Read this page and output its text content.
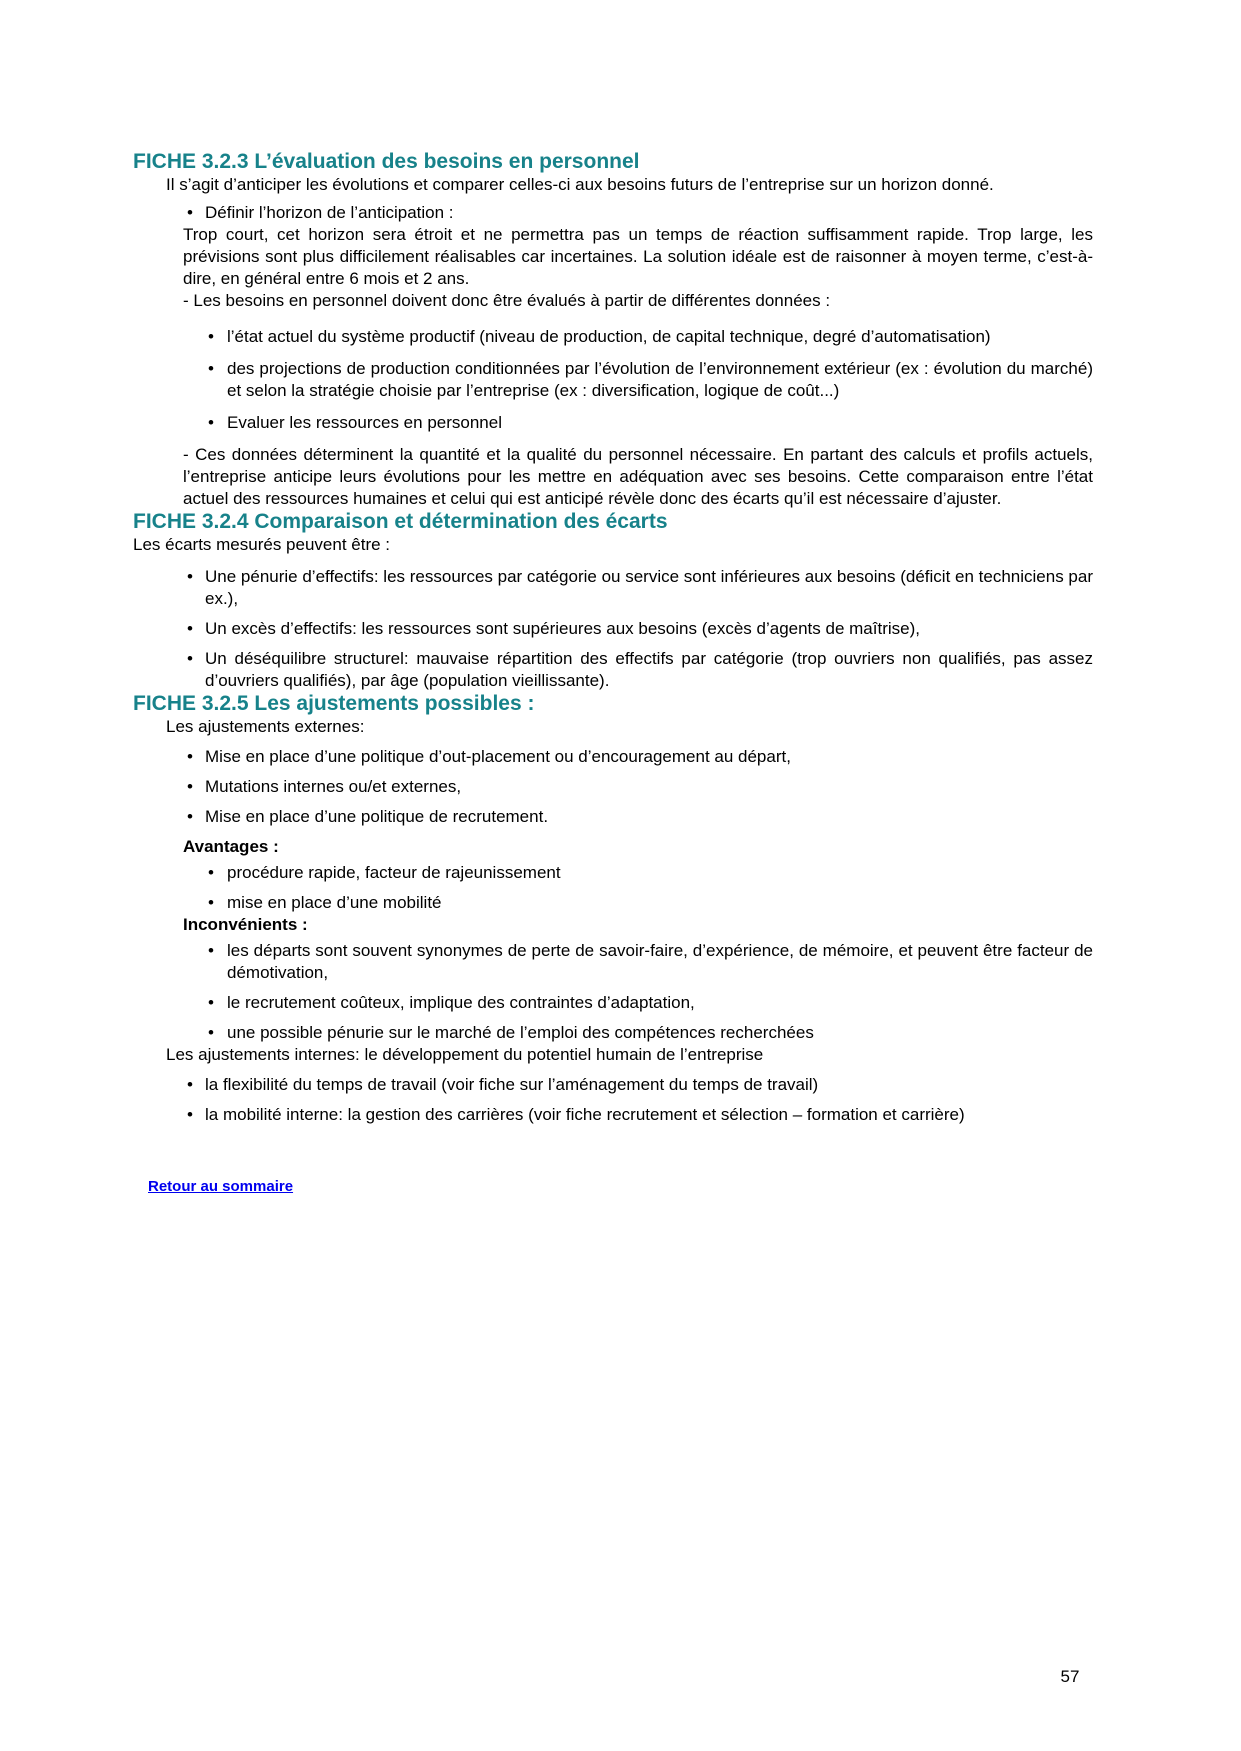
FICHE 3.2.3 L’évaluation des besoins en personnel

Il s’agit d’anticiper les évolutions et comparer celles-ci aux besoins futurs de l’entreprise sur un horizon donné.

• Définir l’horizon de l’anticipation :

Trop court, cet horizon sera étroit et ne permettra pas un temps de réaction suffisamment rapide. Trop large, les prévisions sont plus difficilement réalisables car incertaines. La solution idéale est de raisonner à moyen terme, c’est-à-dire, en général entre 6 mois et 2 ans.

- Les besoins en personnel doivent donc être évalués à partir de différentes données :

• l’état actuel du système productif (niveau de production, de capital technique, degré d’automatisation)
• des projections de production conditionnées par l’évolution de l’environnement extérieur (ex : évolution du marché) et selon la stratégie choisie par l’entreprise (ex : diversification, logique de coût...)
• Evaluer les ressources en personnel

- Ces données déterminent la quantité et la qualité du personnel nécessaire. En partant des calculs et profils actuels, l’entreprise anticipe leurs évolutions pour les mettre en adéquation avec ses besoins. Cette comparaison entre l’état actuel des ressources humaines et celui qui est anticipé révèle donc des écarts qu’il est nécessaire d’ajuster.

FICHE 3.2.4 Comparaison et détermination des écarts

Les écarts mesurés peuvent être :

• Une pénurie d’effectifs: les ressources par catégorie ou service sont inférieures aux besoins (déficit en techniciens par ex.),
• Un excès d’effectifs: les ressources sont supérieures aux besoins (excès d’agents de maîtrise),
• Un déséquilibre structurel: mauvaise répartition des effectifs par catégorie (trop ouvriers non qualifiés, pas assez d’ouvriers qualifiés), par âge (population vieillissante).
FICHE 3.2.5 Les ajustements possibles :

Les ajustements externes:

• Mise en place d’une politique d’out-placement ou d’encouragement au départ,
• Mutations internes ou/et externes,
• Mise en place d’une politique de recrutement.

Avantages :

• procédure rapide, facteur de rajeunissement
• mise en place d’une mobilité

Inconvénients :

• les départs sont souvent synonymes de perte de savoir-faire, d’expérience, de mémoire, et peuvent être facteur de démotivation,
• le recrutement coûteux, implique des contraintes d’adaptation,
• une possible pénurie sur le marché de l’emploi des compétences recherchées

Les ajustements internes: le développement du potentiel humain de l’entreprise

• la flexibilité du temps de travail (voir fiche sur l’aménagement du temps de travail)
• la mobilité interne: la gestion des carrières (voir fiche recrutement et sélection – formation et carrière)
Retour au sommaire
57
